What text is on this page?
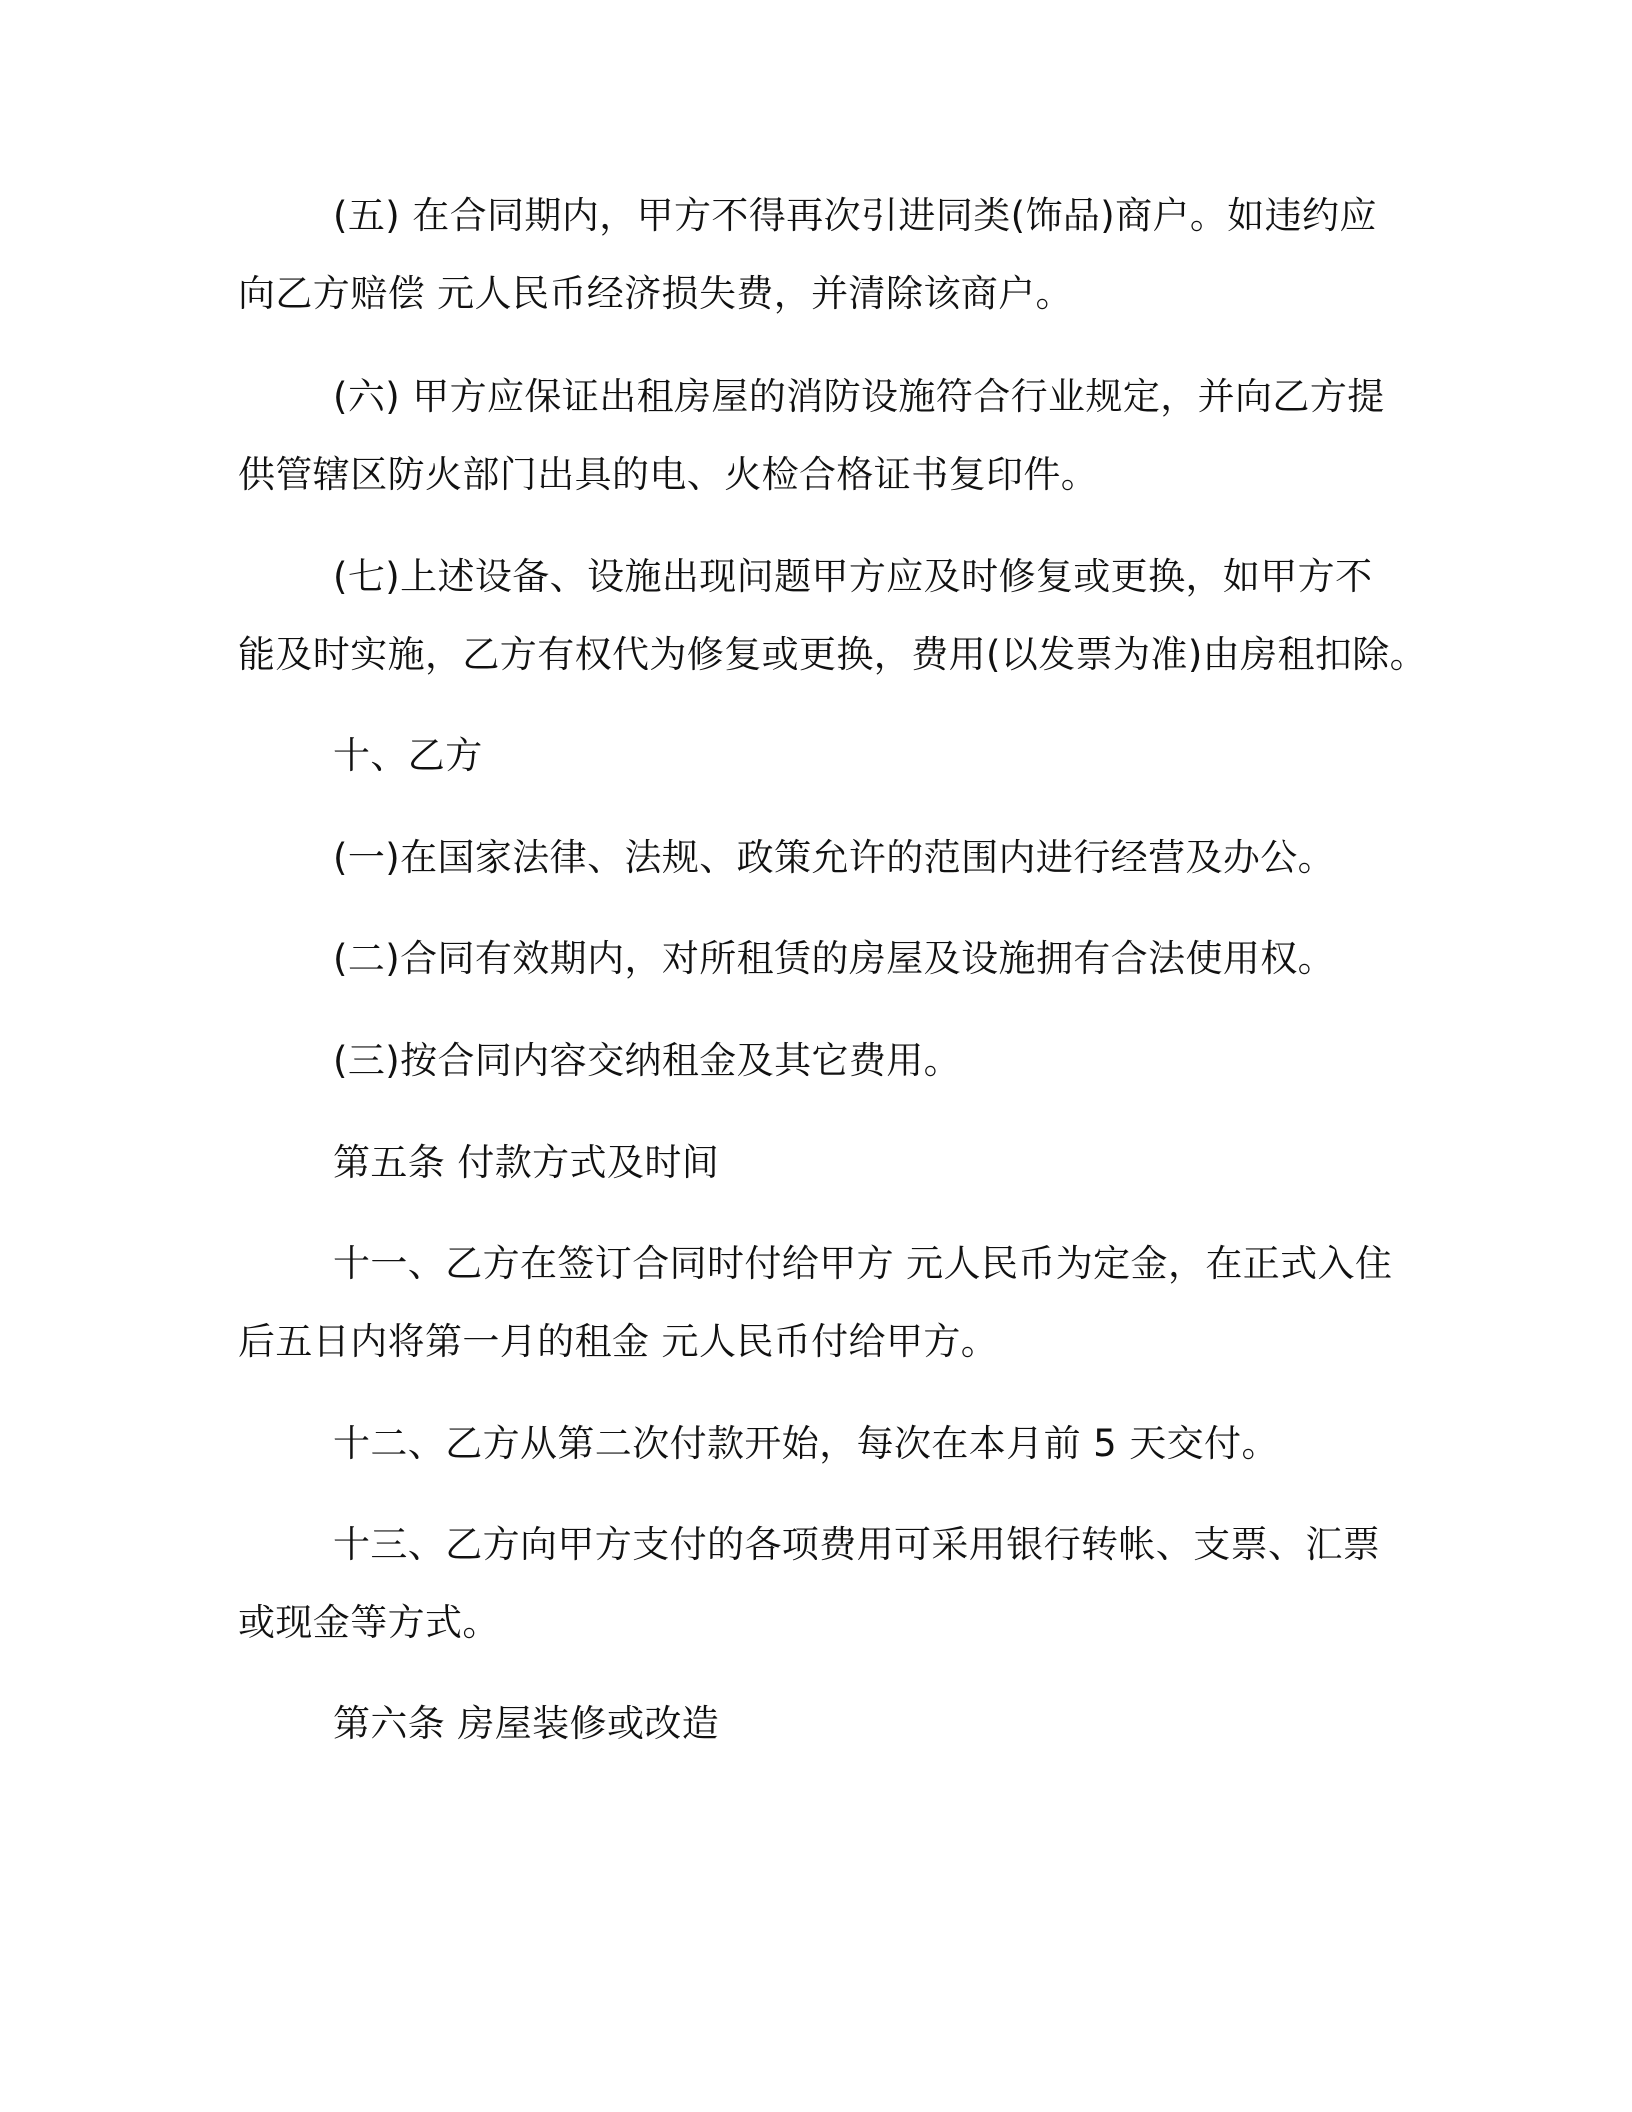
(五) 在合同期内，甲方不得再次引进同类(饰品)商户。如违约应
向乙方赔偿 元人民币经济损失费，并清除该商户。
(六) 甲方应保证出租房屋的消防设施符合行业规定，并向乙方提
供管辖区防火部门出具的电、火检合格证书复印件。
(七)上述设备、设施出现问题甲方应及时修复或更换，如甲方不
能及时实施，乙方有权代为修复或更换，费用(以发票为准)由房租扣除。
十、乙方
(一)在国家法律、法规、政策允许的范围内进行经营及办公。
(二)合同有效期内，对所租赁的房屋及设施拥有合法使用权。
(三)按合同内容交纳租金及其它费用。
第五条 付款方式及时间
十一、乙方在签订合同时付给甲方 元人民币为定金，在正式入住
后五日内将第一月的租金 元人民币付给甲方。
十二、乙方从第二次付款开始，每次在本月前 5 天交付。
十三、乙方向甲方支付的各项费用可采用银行转帐、支票、汇票
或现金等方式。
第六条 房屋装修或改造
